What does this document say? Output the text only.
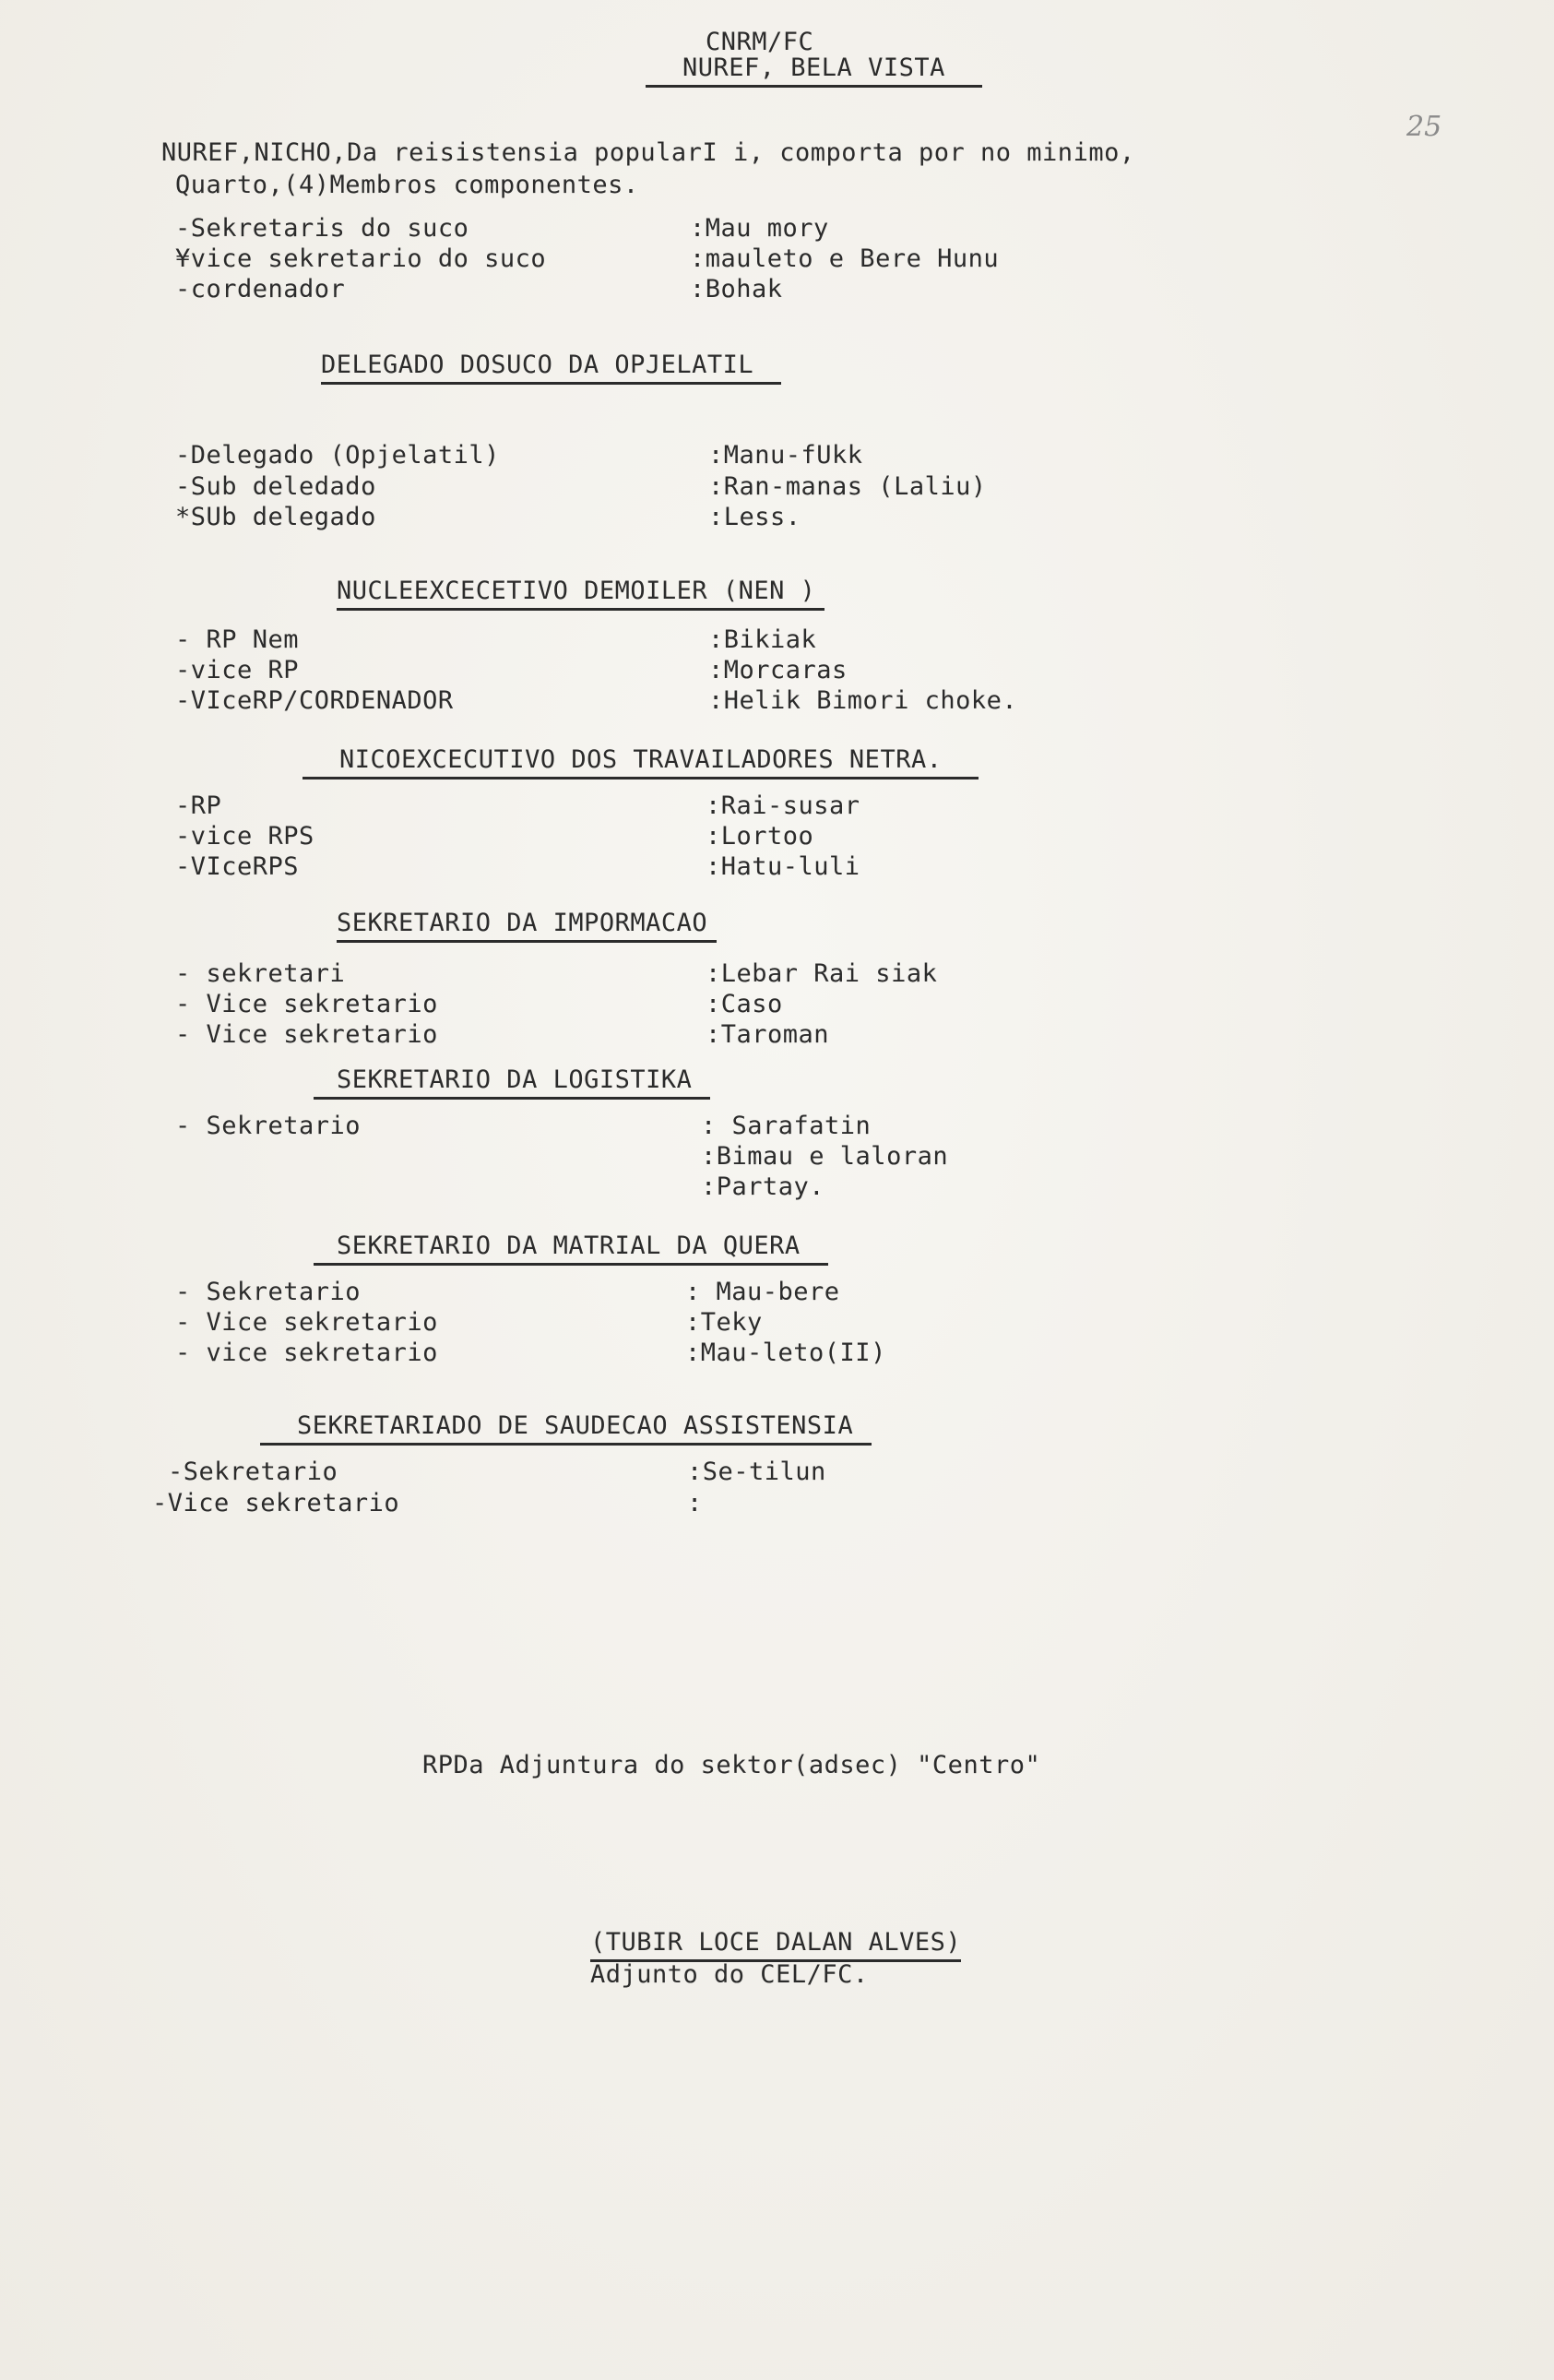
CNRM/FC
NUREF, BELA VISTA
25
NUREF,NICHO,Da reisistensia popularI i, comporta por no minimo,
Quarto,(4)Membros componentes.
-Sekretaris do suco	:Mau mory
¥vice sekretario do suco	:mauleto e Bere Hunu
-cordenador	:Bohak
DELEGADO DOSUCO DA OPJELATIL
-Delegado (Opjelatil)	:Manu-fUkk
-Sub deledado	:Ran-manas (Laliu)
*SUb delegado	:Less.
NUCLEEXCECETIVO DEMOILER (NEN )
- RP Nem	:Bikiak
-vice RP	:Morcaras
-VIceRP/CORDENADOR	:Helik Bimori choke.
NICOEXCECUTIVO DOS TRAVAILADORES NETRA.
-RP	:Rai-susar
-vice RPS	:Lortoo
-VIceRPS	:Hatu-luli
SEKRETARIO DA IMPORMACAO
- sekretari	:Lebar Rai siak
- Vice sekretario	:Caso
- Vice sekretario	:Taroman
SEKRETARIO DA LOGISTIKA
- Sekretario	: Sarafatin
:Bimau e laloran
:Partay.
SEKRETARIO DA MATRIAL DA QUERA
- Sekretario	: Mau-bere
- Vice sekretario	:Teky
- vice sekretario	:Mau-leto(II)
SEKRETARIADO DE SAUDECAO ASSISTENSIA
-Sekretario	:Se-tilun
-Vice sekretario	:
RPDa Adjuntura do sektor(adsec) "Centro"
(TUBIR LOCE DALAN ALVES)
Adjunto do CEL/FC.
